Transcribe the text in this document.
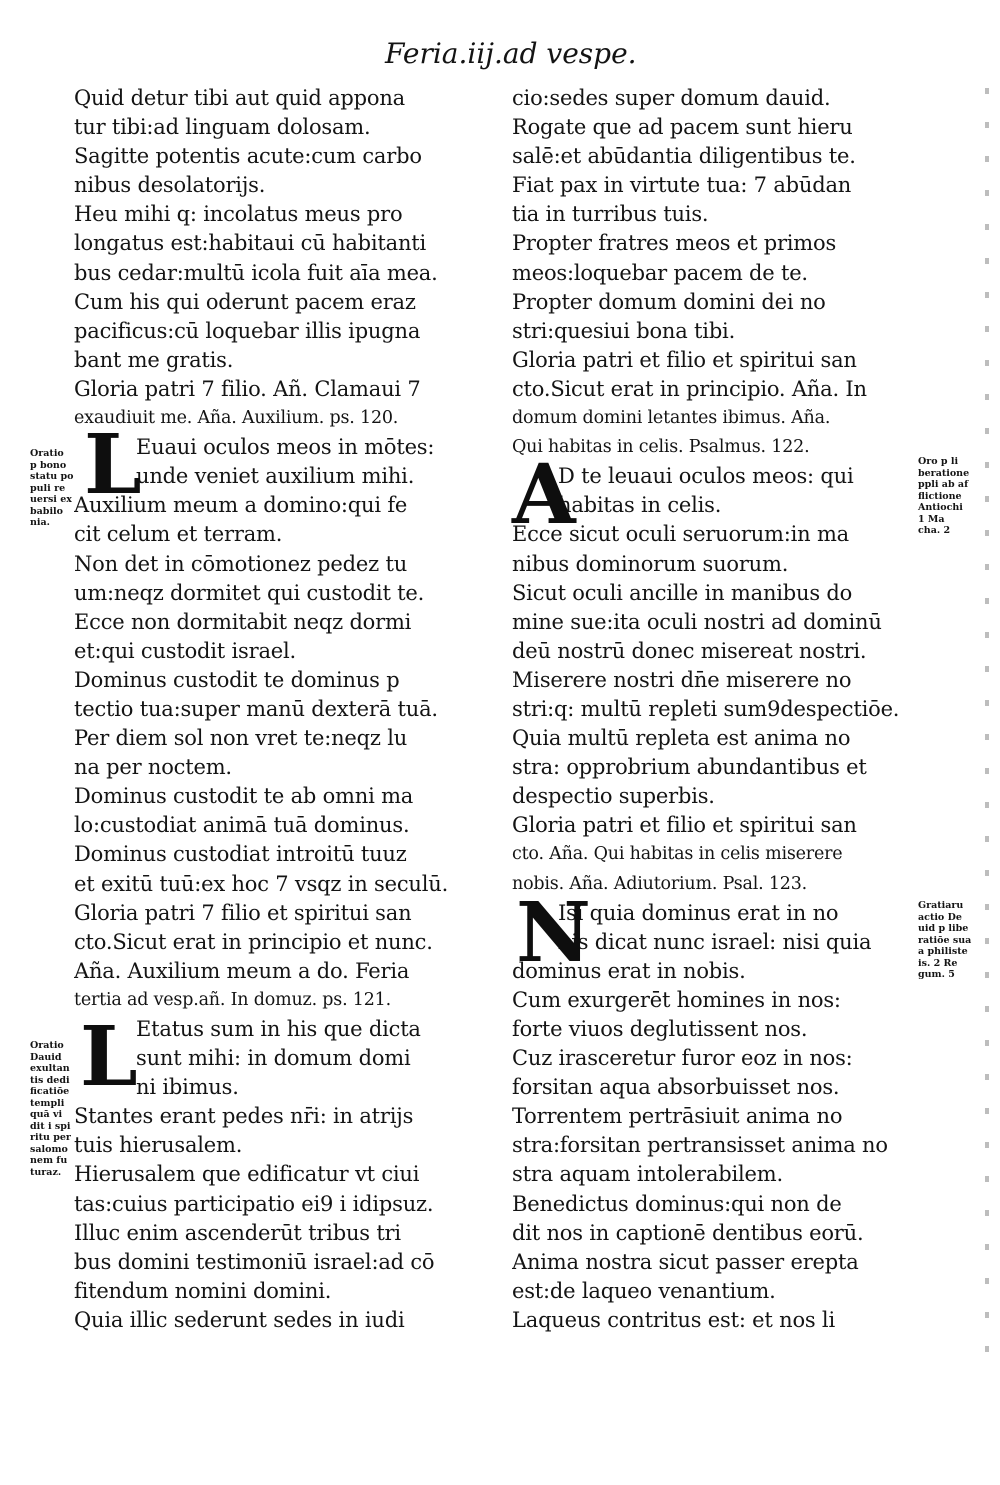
Feria.iij.ad vespe.
Quid detur tibi aut quid appona
tur tibi:ad linguam dolosam.
Sagitte potentis acute:cum carbo
nibus desolatorijs.
Heu mihi q: incolatus meus pro
longatus est:habitaui cū habitanti
bus cedar:multū icola fuit aīa mea.
Cum his qui oderunt pacem eraz
pacificus:cū loquebar illis ipugna
bant me gratis.
Gloria patri 7 filio. Añ. Clamaui 7
exaudiuit me. Aña. Auxilium. ps. 120.
Euaui oculos meos in mōtes:
unde veniet auxilium mihi.
Auxilium meum a domino:qui fe
cit celum et terram.
Non det in cōmotionez pedez tu
um:neqz dormitet qui custodit te.
Ecce non dormitabit neqz dormi
et:qui custodit israel.
Dominus custodit te dominus p
tectio tua:super manū dexterā tuā.
Per diem sol non vret te:neqz lu
na per noctem.
Dominus custodit te ab omni ma
lo:custodiat animā tuā dominus.
Dominus custodiat introitū tuuz
et exitū tuū:ex hoc 7 vsqz in seculū.
Gloria patri 7 filio et spiritui san
cto.Sicut erat in principio et nunc.
Aña. Auxilium meum a do. Feria
tertia ad vesp.añ. In domuz. ps. 121.
Etatus sum in his que dicta
sunt mihi: in domum domi
ni ibimus.
Stantes erant pedes nr̄i: in atrijs
tuis hierusalem.
Hierusalem que edificatur vt ciui
tas:cuius participatio ei9 i idipsuz.
Illuc enim ascenderūt tribus tri
bus domini testimoniū israel:ad cō
fitendum nomini domini.
Quia illic sederunt sedes in iudi
cio:sedes super domum dauid.
Rogate que ad pacem sunt hieru
salē:et abūdantia diligentibus te.
Fiat pax in virtute tua: 7 abūdan
tia in turribus tuis.
Propter fratres meos et primos
meos:loquebar pacem de te.
Propter domum domini dei no
stri:quesiui bona tibi.
Gloria patri et filio et spiritui san
cto.Sicut erat in principio. Aña. In
domum domini letantes ibimus. Aña.
Qui habitas in celis. Psalmus. 122.
D te leuaui oculos meos: qui
habitas in celis.
Ecce sicut oculi seruorum:in ma
nibus dominorum suorum.
Sicut oculi ancille in manibus do
mine sue:ita oculi nostri ad dominū
deū nostrū donec misereat nostri.
Miserere nostri dn̄e miserere no
stri:q: multū repleti sum9despectiōe.
Quia multū repleta est anima no
stra: opprobrium abundantibus et
despectio superbis.
Gloria patri et filio et spiritui san
cto. Aña. Qui habitas in celis miserere
nobis. Aña. Adiutorium. Psal. 123.
Isi quia dominus erat in no
bis dicat nunc israel: nisi quia
dominus erat in nobis.
Cum exurgerēt homines in nos:
forte viuos deglutissent nos.
Cuz irasceretur furor eoz in nos:
forsitan aqua absorbuisset nos.
Torrentem pertrāsiuit anima no
stra:forsitan pertransisset anima no
stra aquam intolerabilem.
Benedictus dominus:qui non de
dit nos in captionē dentibus eorū.
Anima nostra sicut passer erepta
est:de laqueo venantium.
Laqueus contritus est: et nos li
L
L
A
N
Oratio
p bono
statu po
puli re
uersi ex
babilo
nia.
Oratio
Dauid
exultan
tis dedi
ficatiōe
templi
quā vi
dit i spi
ritu per
salomo
nem fu
turaz.
Oro p li
beratione
ppli ab af
flictione
Antiochi
1 Ma
cha. 2
Gratiaru
actio De
uid p libe
ratiōe sua
a philiste
is. 2 Re
gum. 5
